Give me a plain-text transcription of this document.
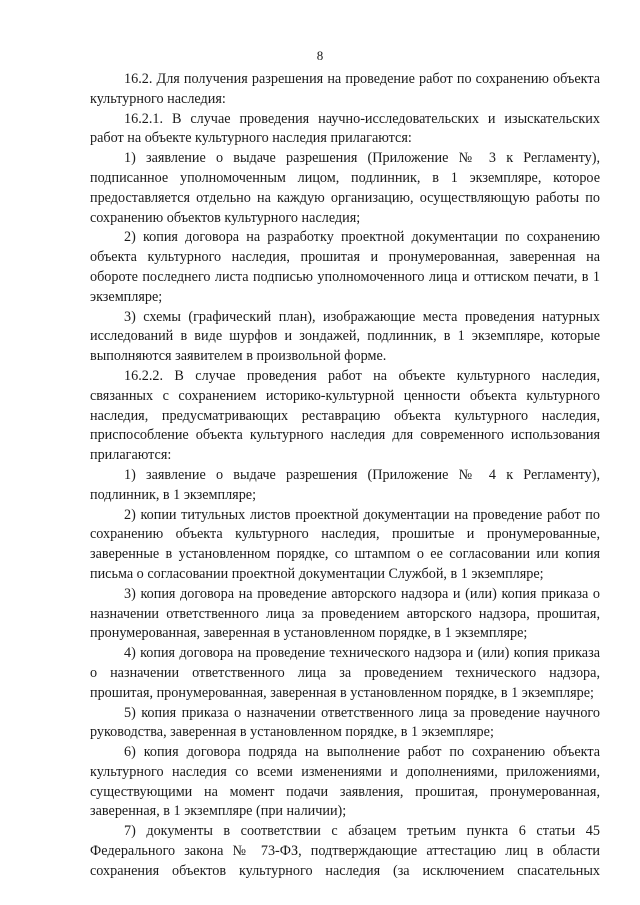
8

16.2. Для получения разрешения на проведение работ по сохранению объекта культурного наследия:

16.2.1. В случае проведения научно-исследовательских и изыскательских работ на объекте культурного наследия прилагаются:

1) заявление о выдаче разрешения (Приложение № 3 к Регламенту), подписанное уполномоченным лицом, подлинник, в 1 экземпляре, которое предоставляется отдельно на каждую организацию, осуществляющую работы по сохранению объектов культурного наследия;

2) копия договора на разработку проектной документации по сохранению объекта культурного наследия, прошитая и пронумерованная, заверенная на обороте последнего листа подписью уполномоченного лица и оттиском печати, в 1 экземпляре;

3) схемы (графический план), изображающие места проведения натурных исследований в виде шурфов и зондажей, подлинник, в 1 экземпляре, которые выполняются заявителем в произвольной форме.

16.2.2. В случае проведения работ на объекте культурного наследия, связанных с сохранением историко-культурной ценности объекта культурного наследия, предусматривающих реставрацию объекта культурного наследия, приспособление объекта культурного наследия для современного использования прилагаются:

1) заявление о выдаче разрешения (Приложение № 4 к Регламенту), подлинник, в 1 экземпляре;

2) копии титульных листов проектной документации на проведение работ по сохранению объекта культурного наследия, прошитые и пронумерованные, заверенные в установленном порядке, со штампом о ее согласовании или копия письма о согласовании проектной документации Службой, в 1 экземпляре;

3) копия договора на проведение авторского надзора и (или) копия приказа о назначении ответственного лица за проведением авторского надзора, прошитая, пронумерованная, заверенная в установленном порядке, в 1 экземпляре;

4) копия договора на проведение технического надзора и (или) копия приказа о назначении ответственного лица за проведением технического надзора, прошитая, пронумерованная, заверенная в установленном порядке, в 1 экземпляре;

5) копия приказа о назначении ответственного лица за проведение научного руководства, заверенная в установленном порядке, в 1 экземпляре;

6) копия договора подряда на выполнение работ по сохранению объекта культурного наследия со всеми изменениями и дополнениями, приложениями, существующими на момент подачи заявления, прошитая, пронумерованная, заверенная, в 1 экземпляре (при наличии);

7) документы в соответствии с абзацем третьим пункта 6 статьи 45 Федерального закона № 73-ФЗ, подтверждающие аттестацию лиц в области сохранения объектов культурного наследия (за исключением спасательных
